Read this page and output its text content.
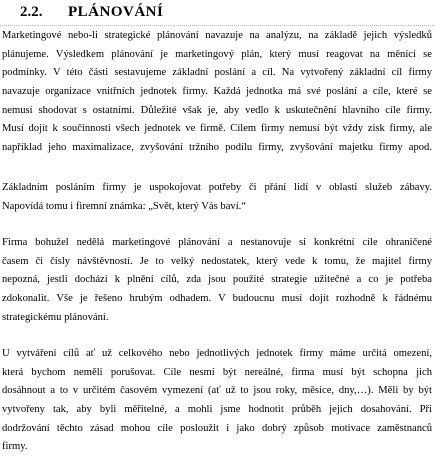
2.2. PLÁNOVÁNÍ
Marketingové nebo-li strategické plánování navazuje na analýzu, na základě jejich výsledků
plánujeme. Výsledkem plánování je marketingový plán, který musí reagovat na měnící se
podmínky. V této části sestavujeme základní poslání a cíl. Na vytvořený základní cíl firmy
navazuje organizace vnitřních jednotek firmy. Každá jednotka má své poslání a cíle, které se
nemusí shodovat s ostatními. Důležité však je, aby vedlo k uskutečnění hlavního cíle firmy.
Musí dojít k součinnosti všech jednotek ve firmě. Cílem firmy nemusí být vždy zisk firmy, ale
například jeho maximalizace, zvyšování tržního podílu firmy, zvyšování majetku firmy apod.
Základním posláním firmy je uspokojovat potřeby či přání lidí v oblasti služeb zábavy.
Napovídá tomu i firemní známka: „Svět, který Vás baví.“
Firma bohužel nedělá marketingové plánování a nestanovuje si konkrétní cíle ohraničené
časem či čísly návštěvností. Je to velký nedostatek, který vede k tomu, že majitel firmy
nepozná, jestli dochází k plnění cílů, zda jsou použité strategie užitečné a co je potřeba
zdokonalit. Vše je řešeno hrubým odhadem. V budoucnu musí dojít rozhodně k řádnému
strategickému plánování.
U vytváření cílů ať už celkového nebo jednotlivých jednotek firmy máme určitá omezení,
která bychom neměli porušovat. Cíle nesmí být nereálné, firma musí být schopna jich
dosáhnout a to v určitém časovém vymezení (ať už to jsou roky, měsíce, dny,…). Měli by být
vytvořeny tak, aby byli měřitelné, a mohli jsme hodnotit průběh jejich dosahování. Při
dodržování těchto zásad mohou cíle posloužit i jako dobrý způsob motivace zaměstnanců
firmy.
